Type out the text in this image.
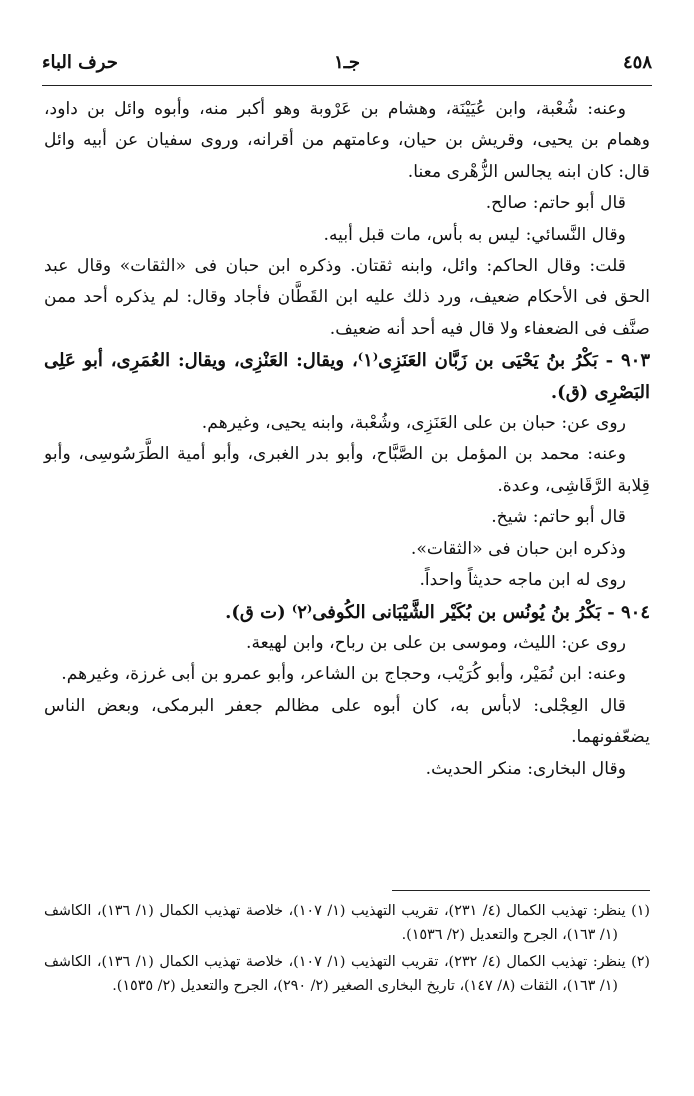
٤٥٨
جـ١
حرف الباء

وعنه: شُعْبة، وابن عُيَيْنَة، وهشام بن عَرْوبة وهو أكبر منه، وأبوه وائل بن داود، وهمام بن يحيى، وقريش بن حيان، وعامتهم من أقرانه، وروى سفيان عن أبيه وائل قال: كان ابنه يجالس الزُّهْرى معنا.

قال أبو حاتم: صالح.

وقال النَّسائي: ليس به بأس، مات قبل أبيه.

قلت: وقال الحاكم: وائل، وابنه ثقتان. وذكره ابن حبان فى «الثقات» وقال عبد الحق فى الأحكام ضعيف، ورد ذلك عليه ابن القَطَّان فأجاد وقال: لم يذكره أحد ممن صنَّف فى الضعفاء ولا قال فيه أحد أنه ضعيف.

٩٠٣ - بَكْرُ بنُ يَحْيَى بن زَبَّان العَنَزِى⁽١⁾، ويقال: العَنْزِى، ويقال: العُمَرِى، أبو عَلِى البَصْرِى (ق).

روى عن: حبان بن على العَنَزِى، وشُعْبة، وابنه يحيى، وغيرهم.

وعنه: محمد بن المؤمل بن الصَّبَّاح، وأبو بدر الغبرى، وأبو أمية الطَّرَسُوسِى، وأبو قِلابة الرَّقَاشِى، وعدة.

قال أبو حاتم: شيخ.

وذكره ابن حبان فى «الثقات».

روى له ابن ماجه حديثاً واحداً.

٩٠٤ - بَكْرُ بنُ يُونُس بن بُكَيْر الشَّيْبَانى الكُوفى⁽٢⁾ (ت ق).

روى عن: الليث، وموسى بن على بن رباح، وابن لهيعة.

وعنه: ابن نُمَيْر، وأبو كُرَيْب، وحجاج بن الشاعر، وأبو عمرو بن أبى غرزة، وغيرهم.

قال العِجْلى: لابأس به، كان أبوه على مظالم جعفر البرمكى، وبعض الناس يضعّفونهما.

وقال البخارى: منكر الحديث.

(١) ينظر: تهذيب الكمال (٤/ ٢٣١)، تقريب التهذيب (١/ ١٠٧)، خلاصة تهذيب الكمال (١/ ١٣٦)، الكاشف (١/ ١٦٣)، الجرح والتعديل (٢/ ١٥٣٦).

(٢) ينظر: تهذيب الكمال (٤/ ٢٣٢)، تقريب التهذيب (١/ ١٠٧)، خلاصة تهذيب الكمال (١/ ١٣٦)، الكاشف (١/ ١٦٣)، الثقات (٨/ ١٤٧)، تاريخ البخارى الصغير (٢/ ٢٩٠)، الجرح والتعديل (٢/ ١٥٣٥).
